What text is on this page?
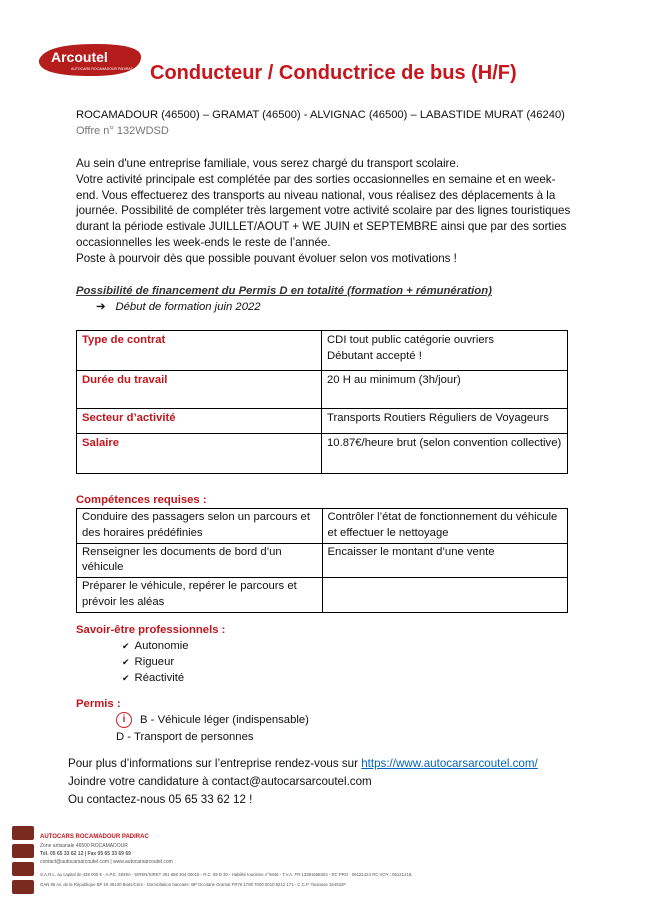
Arcoutel
AUTOCARS ROCAMADOUR PADIRAC Conducteur / Conductrice de bus (H/F)
ROCAMADOUR (46500) – GRAMAT (46500) - ALVIGNAC (46500) – LABASTIDE MURAT (46240)
Offre n° 132WDSD

Au sein d'une entreprise familiale, vous serez chargé du transport scolaire.

Votre activité principale est complétée par des sorties occasionnelles en semaine et en week-end. Vous effectuerez des transports au niveau national, vous réalisez des déplacements à la journée. Possibilité de compléter très largement votre activité scolaire par des lignes touristiques durant la période estivale JUILLET/AOUT + WE JUIN et SEPTEMBRE ainsi que par des sorties occasionnelles les week-ends le reste de l’année.

Poste à pourvoir dès que possible pouvant évoluer selon vos motivations !

Possibilité de financement du Permis D en totalité (formation + rémunération)
➔ Début de formation juin 2022
Type de contrat	CDI tout public catégorie ouvriers
Débutant accepté !

Durée du travail	20 H au minimum (3h/jour)
Secteur d’activité	Transports Routiers Réguliers de Voyageurs
Salaire	10.87€/heure brut (selon convention collective)
Compétences requises :
Conduire des passagers selon un parcours et des horaires prédéfinies	Contrôler l’état de fonctionnement du véhicule et effectuer le nettoyage
Renseigner les documents de bord d’un véhicule	Encaisser le montant d’une vente
Préparer le véhicule, repérer le parcours et prévoir les aléas	
Savoir-être professionnels :
✔ Autonomie
✔ Rigueur
✔ Réactivité
Permis :
i B - Véhicule léger (indispensable)
D - Transport de personnes
Pour plus d’informations sur l’entreprise rendez-vous sur https://www.autocarsarcoutel.com/
Joindre votre candidature à contact@autocarsarcoutel.com
Ou contactez-nous 05 65 33 62 12 !
AUTOCARS ROCAMADOUR PADIRAC
Zone artisanale 46500 ROCAMADOUR
Tél. 05 65 33 62 12 | Fax 05 65 33 69 69
contact@autocarsarcoutel.com | www.autocarsarcoutel.com
S.A.R.L. au capital de 429 000 € - A.P.E. 4939A - SIREN/SIRET 391 658 304 00015 - R.C. 59 B 30 - Habilité tourisme n°IM46 - T.V.A. FR 13391658304 - RC PRO : 06121424 RC VOY : 06121418,
GAN 85 Av. de la République BP 19 46130 Biars/Cère - Domiciliation bancaire: BP Occitane Gramat FR76 1780 7000 0010 8212 171 - C.C.P. Toulouse 164532F
